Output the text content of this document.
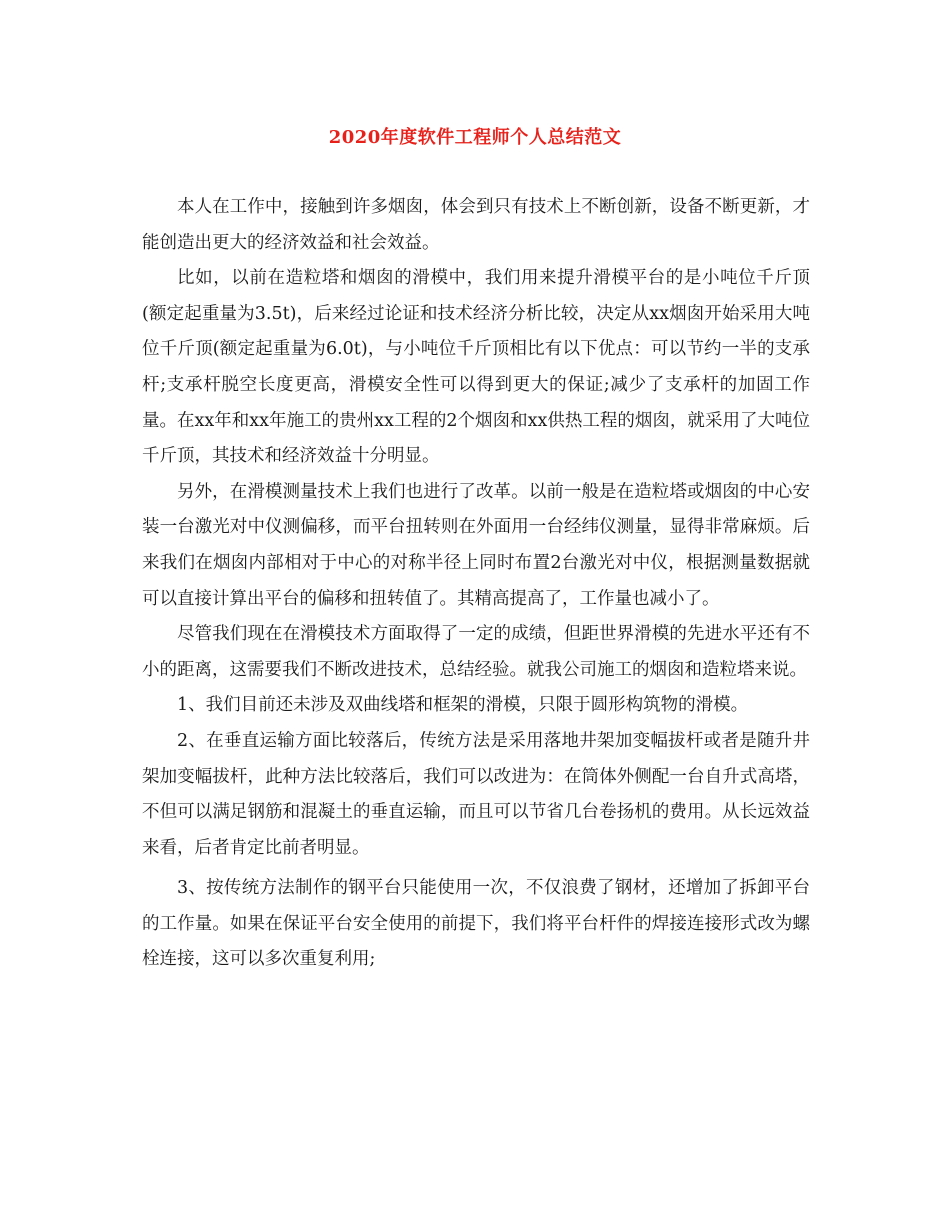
2020年度软件工程师个人总结范文

本人在工作中，接触到许多烟囱，体会到只有技术上不断创新，设备不断更新，才能创造出更大的经济效益和社会效益。

比如，以前在造粒塔和烟囱的滑模中，我们用来提升滑模平台的是小吨位千斤顶(额定起重量为3.5t)，后来经过论证和技术经济分析比较，决定从xx烟囱开始采用大吨位千斤顶(额定起重量为6.0t)，与小吨位千斤顶相比有以下优点：可以节约一半的支承杆;支承杆脱空长度更高，滑模安全性可以得到更大的保证;减少了支承杆的加固工作量。在xx年和xx年施工的贵州xx工程的2个烟囱和xx供热工程的烟囱，就采用了大吨位千斤顶，其技术和经济效益十分明显。

另外，在滑模测量技术上我们也进行了改革。以前一般是在造粒塔或烟囱的中心安装一台激光对中仪测偏移，而平台扭转则在外面用一台经纬仪测量，显得非常麻烦。后来我们在烟囱内部相对于中心的对称半径上同时布置2台激光对中仪，根据测量数据就可以直接计算出平台的偏移和扭转值了。其精高提高了，工作量也减小了。

尽管我们现在在滑模技术方面取得了一定的成绩，但距世界滑模的先进水平还有不小的距离，这需要我们不断改进技术，总结经验。就我公司施工的烟囱和造粒塔来说。

1、我们目前还未涉及双曲线塔和框架的滑模，只限于圆形构筑物的滑模。

2、在垂直运输方面比较落后，传统方法是采用落地井架加变幅拔杆或者是随升井架加变幅拔杆，此种方法比较落后，我们可以改进为：在筒体外侧配一台自升式高塔，不但可以满足钢筋和混凝土的垂直运输，而且可以节省几台卷扬机的费用。从长远效益来看，后者肯定比前者明显。

3、按传统方法制作的钢平台只能使用一次，不仅浪费了钢材，还增加了拆卸平台的工作量。如果在保证平台安全使用的前提下，我们将平台杆件的焊接连接形式改为螺栓连接，这可以多次重复利用;
